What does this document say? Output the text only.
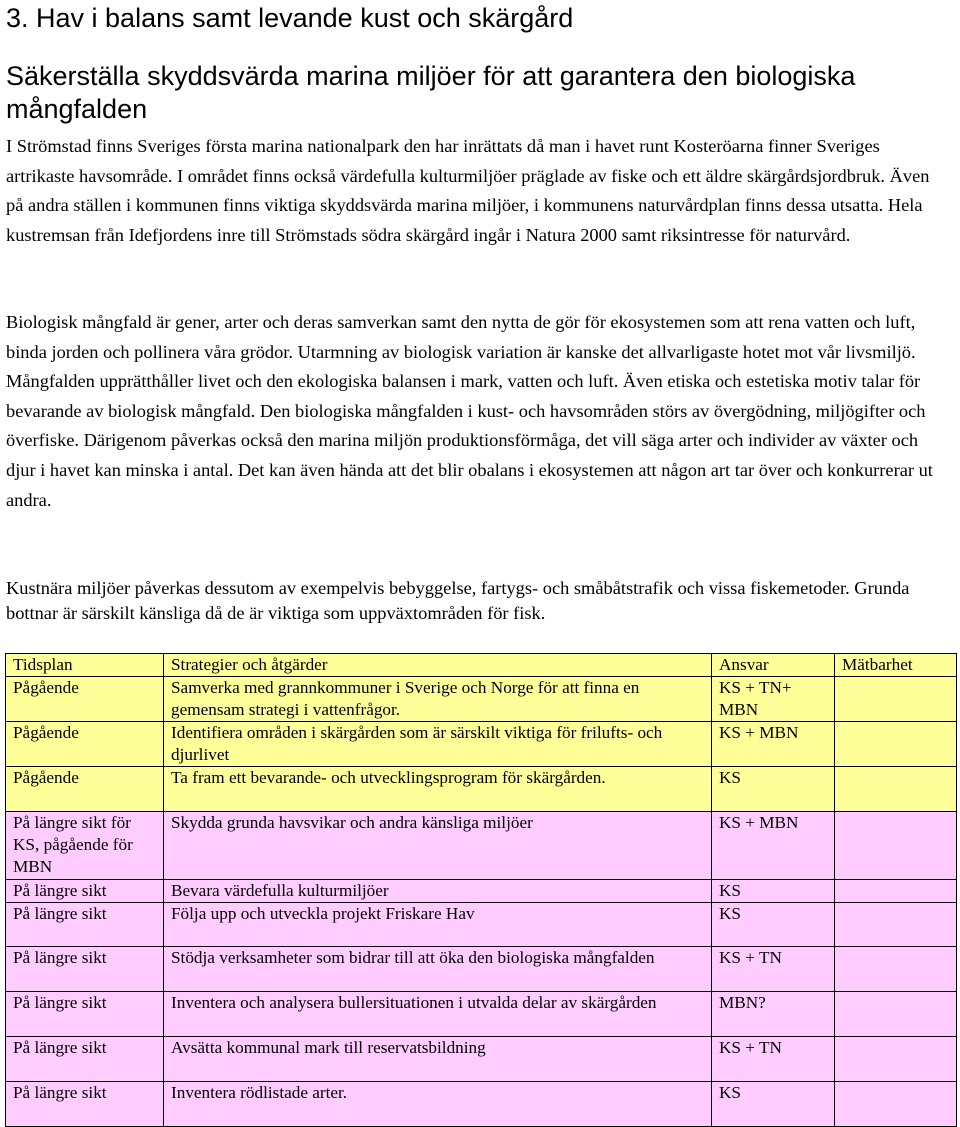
3. Hav i balans samt levande kust och skärgård
Säkerställa skyddsvärda marina miljöer för att garantera den biologiska mångfalden

I Strömstad finns Sveriges första marina nationalpark den har inrättats då man i havet runt Kosteröarna finner Sveriges artrikaste havsområde. I området finns också värdefulla kulturmiljöer präglade av fiske och ett äldre skärgårdsjordbruk. Även på andra ställen i kommunen finns viktiga skyddsvärda marina miljöer, i kommunens naturvårdplan finns dessa utsatta. Hela kustremsan från Idefjordens inre till Strömstads södra skärgård ingår i Natura 2000 samt riksintresse för naturvård.

Biologisk mångfald är gener, arter och deras samverkan samt den nytta de gör för ekosystemen som att rena vatten och luft, binda jorden och pollinera våra grödor. Utarmning av biologisk variation är kanske det allvarligaste hotet mot vår livsmiljö. Mångfalden upprätthåller livet och den ekologiska balansen i mark, vatten och luft. Även etiska och estetiska motiv talar för bevarande av biologisk mångfald. Den biologiska mångfalden i kust- och havsområden störs av övergödning, miljögifter och överfiske. Därigenom påverkas också den marina miljön produktionsförmåga, det vill säga arter och individer av växter och djur i havet kan minska i antal. Det kan även hända att det blir obalans i ekosystemen att någon art tar över och konkurrerar ut andra.

Kustnära miljöer påverkas dessutom av exempelvis bebyggelse, fartygs- och småbåtstrafik och vissa fiskemetoder. Grunda bottnar är särskilt känsliga då de är viktiga som uppväxtområden för fisk.

Tidsplan	Strategier och åtgärder	Ansvar	Mätbarhet
Pågående	Samverka med grannkommuner i Sverige och Norge för att finna en gemensam strategi i vattenfrågor.	KS + TN+ MBN	
Pågående	Identifiera områden i skärgården som är särskilt viktiga för frilufts- och djurlivet	KS + MBN	
Pågående	Ta fram ett bevarande- och utvecklingsprogram för skärgården.	KS	
På längre sikt för KS, pågående för MBN	Skydda grunda havsvikar och andra känsliga miljöer	KS + MBN	
På längre sikt	Bevara värdefulla kulturmiljöer	KS	
På längre sikt	Följa upp och utveckla projekt Friskare Hav	KS	
På längre sikt	Stödja verksamheter som bidrar till att öka den biologiska mångfalden	KS + TN	
På längre sikt	Inventera och analysera bullersituationen i utvalda delar av skärgården	MBN?	
På längre sikt	Avsätta kommunal mark till reservatsbildning	KS + TN	
På längre sikt	Inventera rödlistade arter.	KS	
